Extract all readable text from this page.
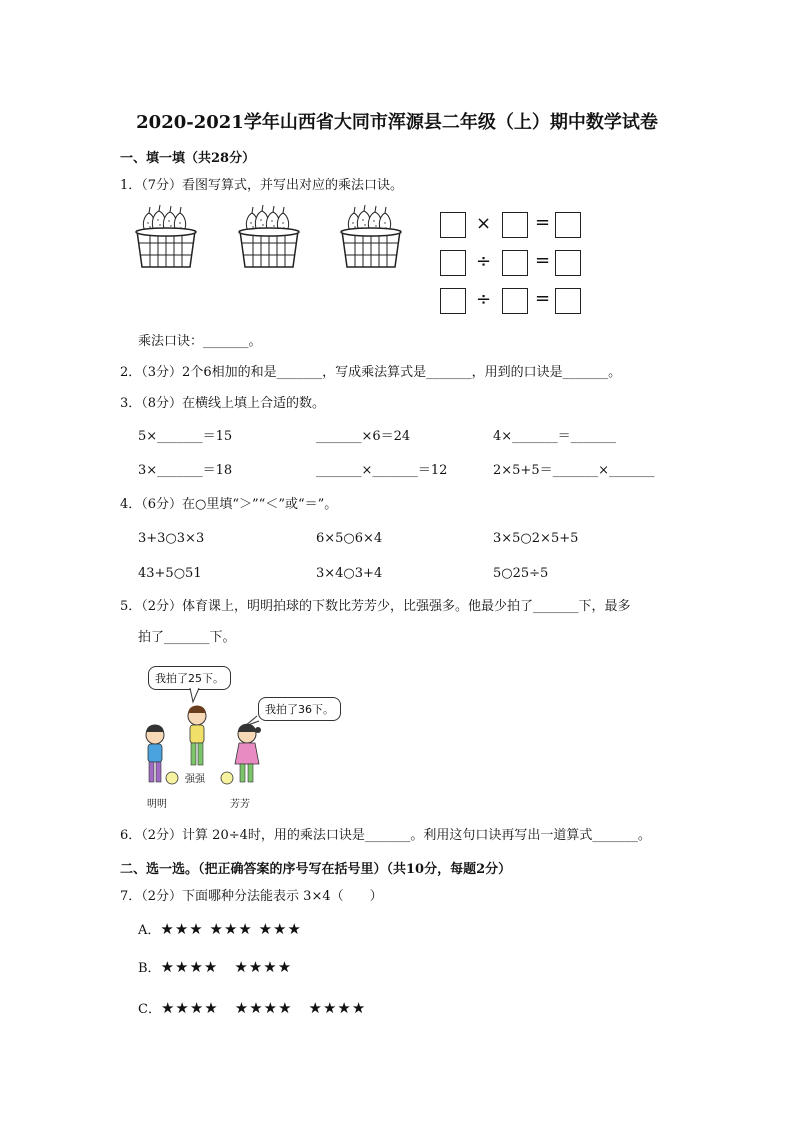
2020-2021学年山西省大同市浑源县二年级（上）期中数学试卷
一、填一填（共28分）
1．（7分）看图写算式，并写出对应的乘法口诀。
× =
÷ =
÷ =
乘法口诀：_______。
2．（3分）2个6相加的和是_______，写成乘法算式是_______，用到的口诀是_______。
3．（8分）在横线上填上合适的数。
5×_______＝15	_______×6＝24	4×_______＝_______
3×_______＝18	_______×_______＝12	2×5+5＝_______×_______
4．（6分）在○里填“＞”“＜”或“＝”。
3+3○3×3	6×5○6×4	3×5○2×5+5
43+5○51	3×4○3+4	5○25÷5
5．（2分）体育课上，明明拍球的下数比芳芳少，比强强多。他最少拍了_______下，最多
拍了_______下。
我拍了25下。
我拍了36下。
强强
明明	芳芳
6．（2分）计算 20÷4时，用的乘法口诀是_______。利用这句口诀再写出一道算式_______。
二、选一选。（把正确答案的序号写在括号里）（共10分，每题2分）
7．（2分）下面哪种分法能表示 3×4（　　）
A．★★★ ★★★ ★★★
B．★★★★　★★★★
C．★★★★　★★★★　★★★★
